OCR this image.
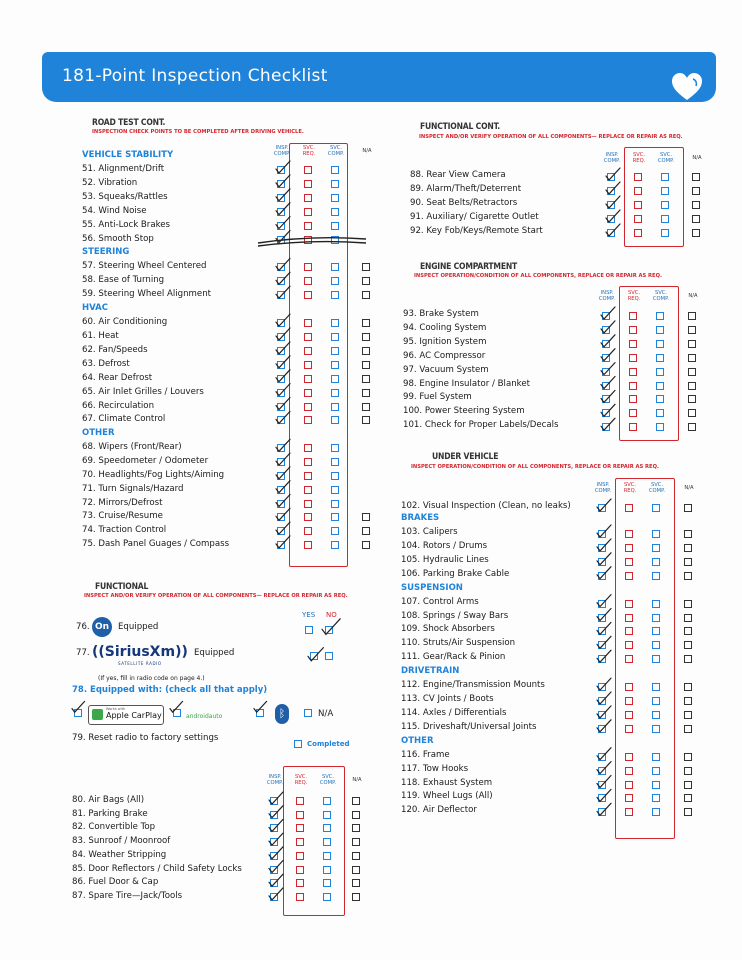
181-Point Inspection Checklist
ROAD TEST CONT.
INSPECTION CHECK POINTS TO BE COMPLETED AFTER DRIVING VEHICLE.
INSP.
COMP.
SVC.
REQ.
SVC.
COMP.	N/A
VEHICLE STABILITY
51. Alignment/Drift
52. Vibration
53. Squeaks/Rattles
54. Wind Noise
55. Anti-Lock Brakes
56. Smooth Stop
STEERING
57. Steering Wheel Centered
58. Ease of Turning
59. Steering Wheel Alignment
HVAC
60. Air Conditioning
61. Heat
62. Fan/Speeds
63. Defrost
64. Rear Defrost
65. Air Inlet Grilles / Louvers
66. Recirculation
67. Climate Control
OTHER
68. Wipers (Front/Rear)
69. Speedometer / Odometer
70. Headlights/Fog Lights/Aiming
71. Turn Signals/Hazard
72. Mirrors/Defrost
73. Cruise/Resume
74. Traction Control
75. Dash Panel Guages / Compass
FUNCTIONAL
INSPECT AND/OR VERIFY OPERATION OF ALL COMPONENTS— REPLACE OR REPAIR AS REQ.
YES NO
76. On	Equipped
77. ((SiriusXm))
SATELLITE RADIO
Equipped
(If yes, fill in radio code on page 4.)
78. Equipped with: (check all that apply)
Works with
Apple CarPlay	androidauto	ᛒ	N/A
79. Reset radio to factory settings
Completed
INSP.
COMP.
SVC.
REQ.
SVC.
COMP.	N/A
80. Air Bags (All)
81. Parking Brake
82. Convertible Top
83. Sunroof / Moonroof
84. Weather Stripping
85. Door Reflectors / Child Safety Locks
86. Fuel Door & Cap
87. Spare Tire—Jack/Tools
FUNCTIONAL CONT.
INSPECT AND/OR VERIFY OPERATION OF ALL COMPONENTS— REPLACE OR REPAIR AS REQ.
INSP.
COMP.
SVC.
REQ.
SVC.
COMP.	N/A
88. Rear View Camera
89. Alarm/Theft/Deterrent
90. Seat Belts/Retractors
91. Auxiliary/ Cigarette Outlet
92. Key Fob/Keys/Remote Start
ENGINE COMPARTMENT
INSPECT OPERATION/CONDITION OF ALL COMPONENTS, REPLACE OR REPAIR AS REQ.
INSP.
COMP.
SVC.
REQ.
SVC.
COMP.	N/A
93. Brake System
94. Cooling System
95. Ignition System
96. AC Compressor
97. Vacuum System
98. Engine Insulator / Blanket
99. Fuel System
100. Power Steering System
101. Check for Proper Labels/Decals
UNDER VEHICLE
INSPECT OPERATION/CONDITION OF ALL COMPONENTS, REPLACE OR REPAIR AS REQ.
INSP.
COMP.
SVC.
REQ.
SVC.
COMP.	N/A
102. Visual Inspection (Clean, no leaks)
BRAKES
103. Calipers
104. Rotors / Drums
105. Hydraulic Lines
106. Parking Brake Cable
SUSPENSION
107. Control Arms
108. Springs / Sway Bars
109. Shock Absorbers
110. Struts/Air Suspension
111. Gear/Rack & Pinion
DRIVETRAIN
112. Engine/Transmission Mounts
113. CV Joints / Boots
114. Axles / Differentials
115. Driveshaft/Universal Joints
OTHER
116. Frame
117. Tow Hooks
118. Exhaust System
119. Wheel Lugs (All)
120. Air Deflector
